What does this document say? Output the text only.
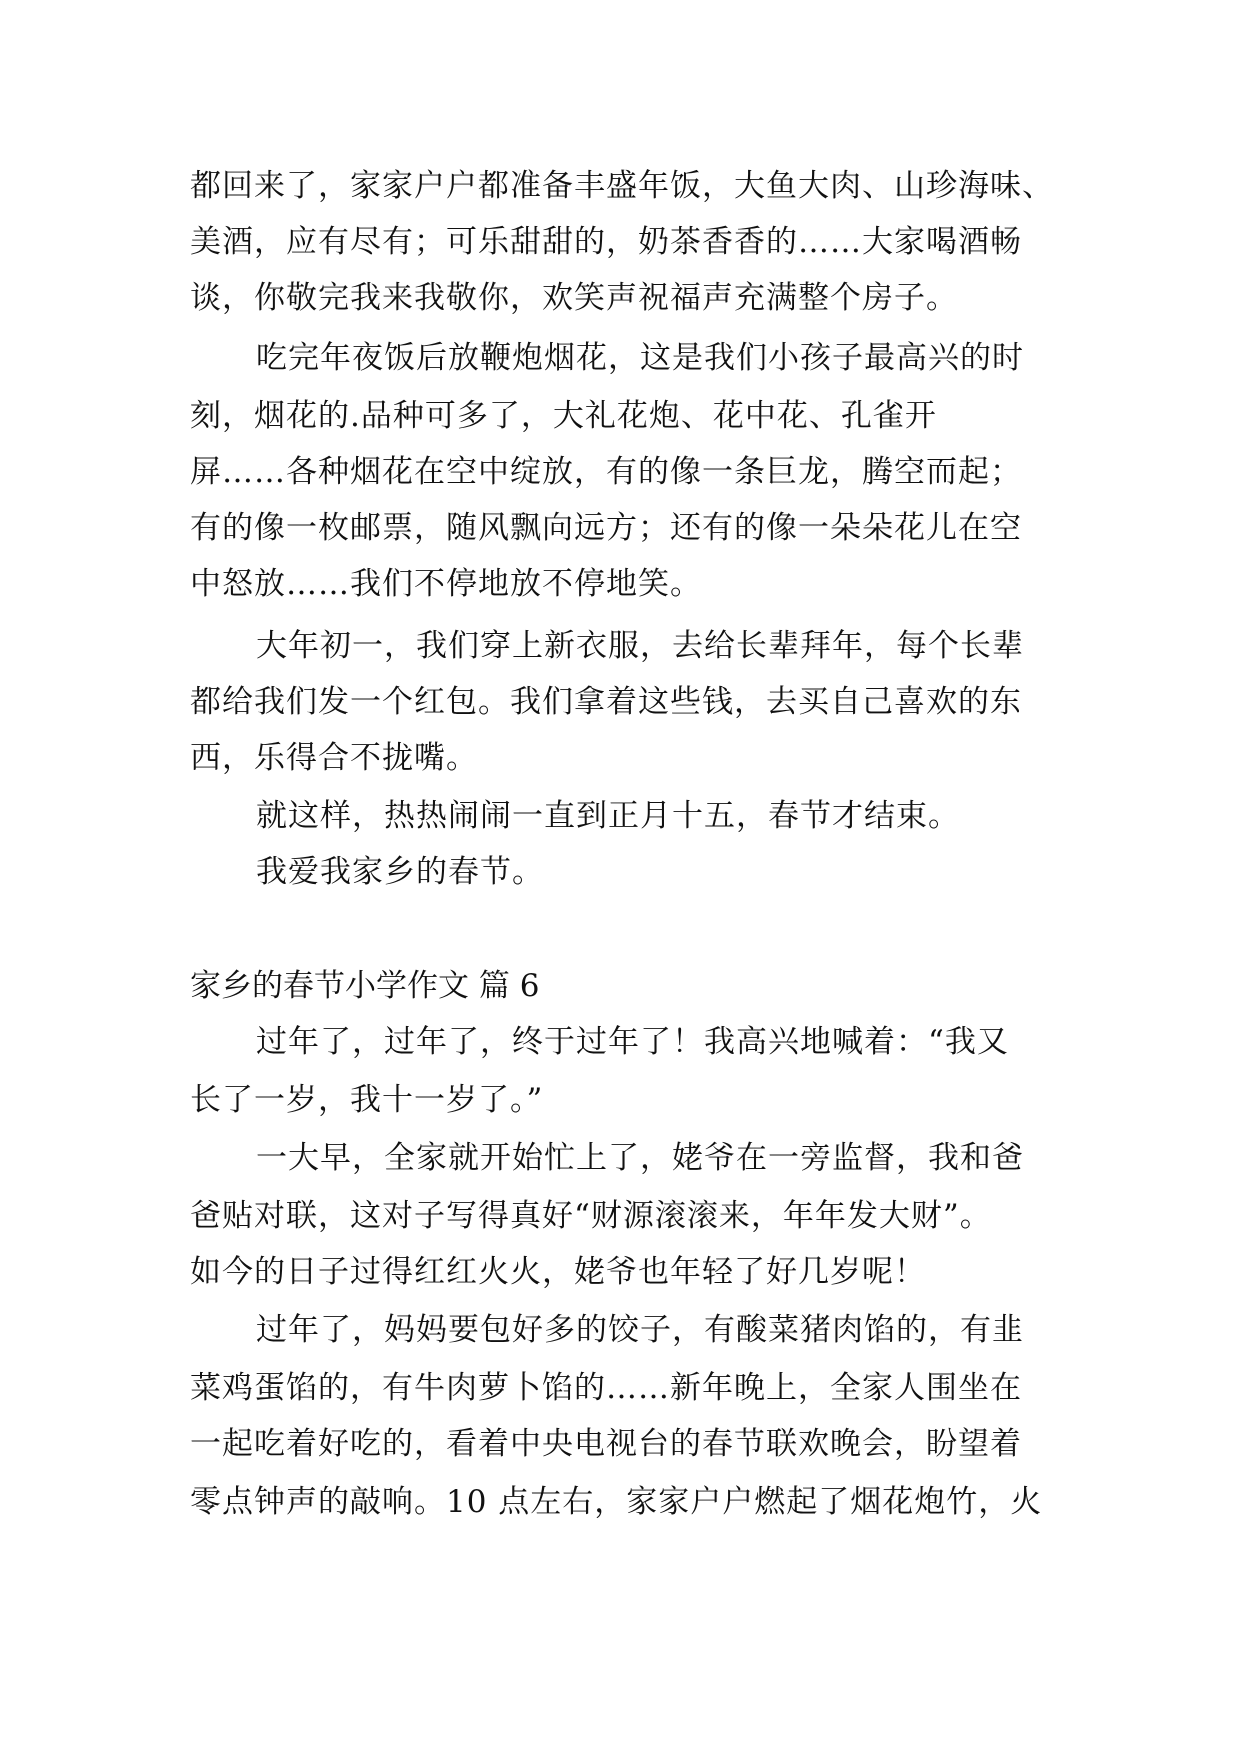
都回来了，家家户户都准备丰盛年饭，大鱼大肉、山珍海味、
美酒，应有尽有；可乐甜甜的，奶茶香香的……大家喝酒畅
谈，你敬完我来我敬你，欢笑声祝福声充满整个房子。
吃完年夜饭后放鞭炮烟花，这是我们小孩子最高兴的时
刻，烟花的.品种可多了，大礼花炮、花中花、孔雀开
屏……各种烟花在空中绽放，有的像一条巨龙，腾空而起；
有的像一枚邮票，随风飘向远方；还有的像一朵朵花儿在空
中怒放……我们不停地放不停地笑。
大年初一，我们穿上新衣服，去给长辈拜年，每个长辈
都给我们发一个红包。我们拿着这些钱，去买自己喜欢的东
西，乐得合不拢嘴。
就这样，热热闹闹一直到正月十五，春节才结束。
我爱我家乡的春节。
家乡的春节小学作文 篇 6
过年了，过年了，终于过年了！我高兴地喊着：“我又
长了一岁，我十一岁了。”
一大早，全家就开始忙上了，姥爷在一旁监督，我和爸
爸贴对联，这对子写得真好“财源滚滚来，年年发大财”。
如今的日子过得红红火火，姥爷也年轻了好几岁呢！
过年了，妈妈要包好多的饺子，有酸菜猪肉馅的，有韭
菜鸡蛋馅的，有牛肉萝卜馅的……新年晚上，全家人围坐在
一起吃着好吃的，看着中央电视台的春节联欢晚会，盼望着
零点钟声的敲响。10 点左右，家家户户燃起了烟花炮竹，火
